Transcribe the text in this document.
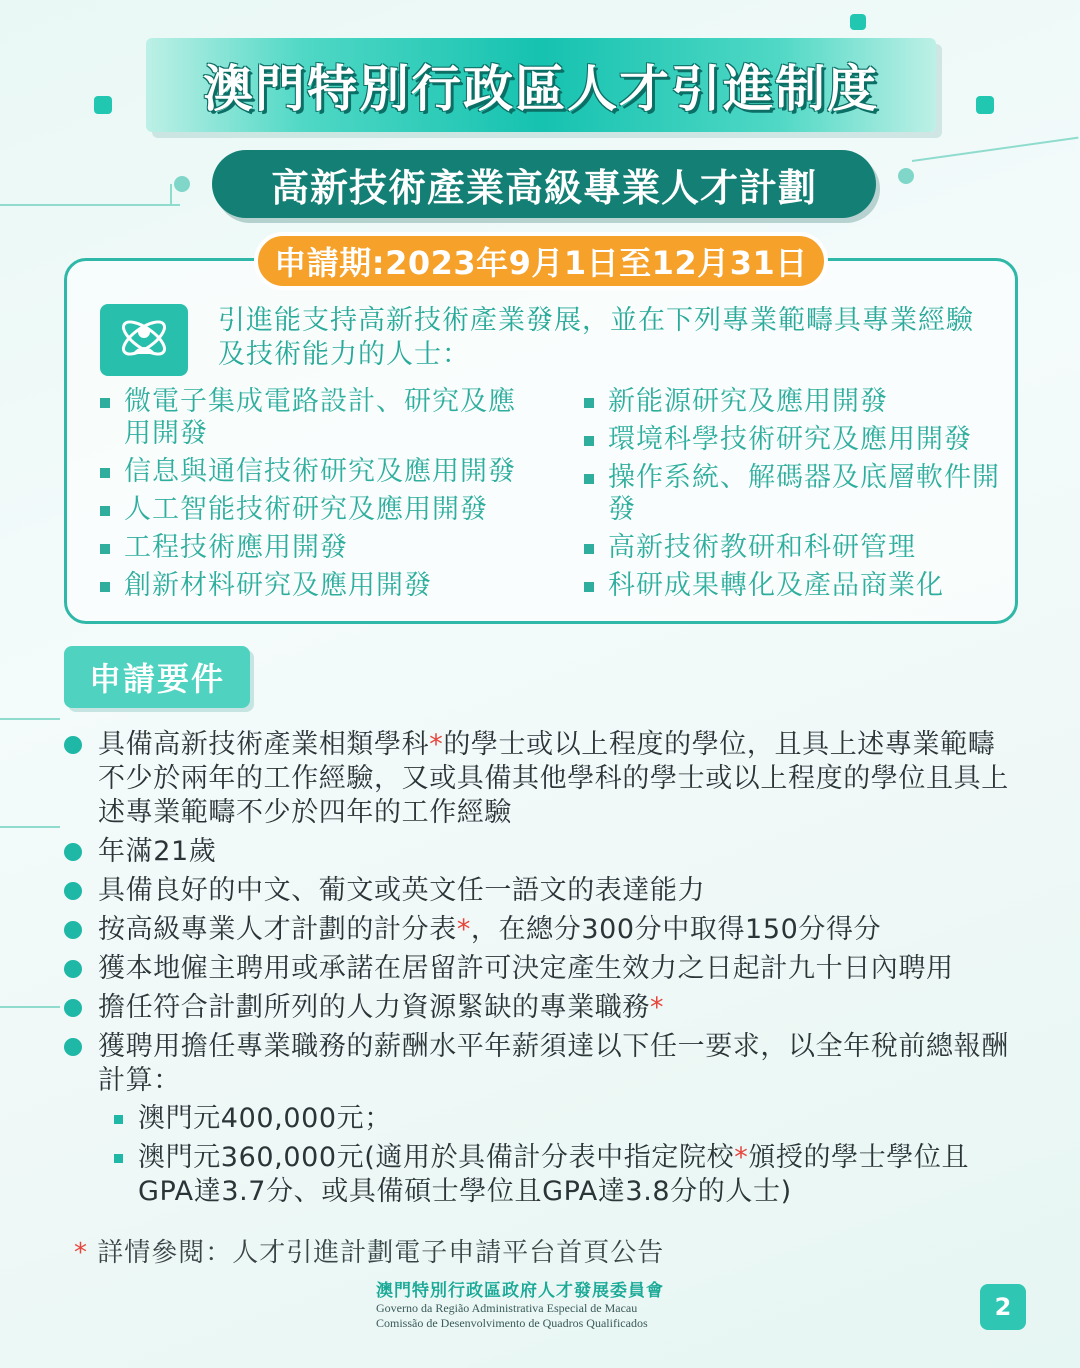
澳門特別行政區人才引進制度
高新技術產業高級專業人才計劃
申請期:2023年9月1日至12月31日

引進能支持高新技術產業發展，並在下列專業範疇具專業經驗及技術能力的人士：

微電子集成電路設計、研究及應用開發
信息與通信技術研究及應用開發
人工智能技術研究及應用開發
工程技術應用開發
創新材料研究及應用開發
新能源研究及應用開發
環境科學技術研究及應用開發
操作系統、解碼器及底層軟件開發
高新技術教研和科研管理
科研成果轉化及產品商業化
申請要件
具備高新技術產業相類學科*的學士或以上程度的學位，且具上述專業範疇不少於兩年的工作經驗，又或具備其他學科的學士或以上程度的學位且具上述專業範疇不少於四年的工作經驗
年滿21歲
具備良好的中文、葡文或英文任一語文的表達能力
按高級專業人才計劃的計分表*，在總分300分中取得150分得分
獲本地僱主聘用或承諾在居留許可決定產生效力之日起計九十日內聘用
擔任符合計劃所列的人力資源緊缺的專業職務*
獲聘用擔任專業職務的薪酬水平年薪須達以下任一要求，以全年稅前總報酬計算：
澳門元400,000元；
澳門元360,000元(適用於具備計分表中指定院校*頒授的學士學位且GPA達3.7分、或具備碩士學位且GPA達3.8分的人士)

* 詳情參閱：人才引進計劃電子申請平台首頁公告

澳門特別行政區政府人才發展委員會
Governo da Região Administrativa Especial de Macau
Comissão de Desenvolvimento de Quadros Qualificados
2
